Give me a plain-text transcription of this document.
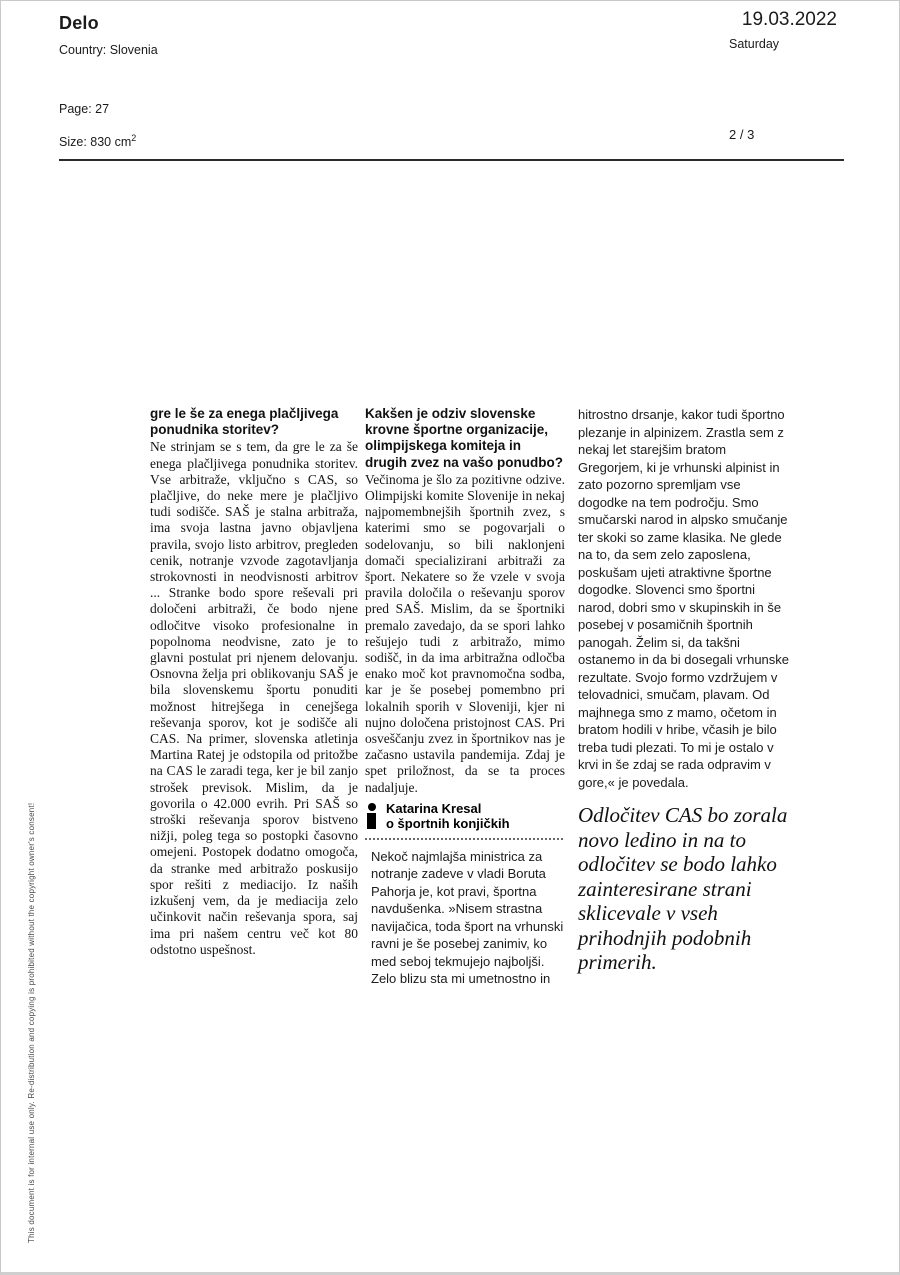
Delo
Country: Slovenia
19.03.2022
Saturday
Page: 27
Size: 830 $cm^2$	2 / 3
gre le še za enega plačljivega ponudnika storitev?

Ne strinjam se s tem, da gre le za še enega plačljivega ponudnika storitev. Vse arbitraže, vključno s CAS, so plačljive, do neke mere je plačljivo tudi sodišče. SAŠ je stalna arbitraža, ima svoja lastna javno objavljena pravila, svojo listo arbitrov, pregleden cenik, notranje vzvode zagotavljanja strokovnosti in neodvisnosti arbitrov ... Stranke bodo spore reševali pri določeni arbitraži, če bodo njene odločitve visoko profesionalne in popolnoma neodvisne, zato je to glavni postulat pri njenem delovanju. Osnovna želja pri oblikovanju SAŠ je bila slovenskemu športu ponuditi možnost hitrejšega in cenejšega reševanja sporov, kot je sodišče ali CAS. Na primer, slovenska atletinja Martina Ratej je odstopila od pritožbe na CAS le zaradi tega, ker je bil zanjo strošek previsok. Mislim, da je govorila o 42.000 evrih. Pri SAŠ so stroški reševanja sporov bistveno nižji, poleg tega so postopki časovno omejeni. Postopek dodatno omogoča, da stranke med arbitražo poskusijo spor rešiti z mediacijo. Iz naših izkušenj vem, da je mediacija zelo učinkovit način reševanja spora, saj ima pri našem centru več kot 80 odstotno uspešnost.

Kakšen je odziv slovenske krovne športne organizacije, olimpijskega komiteja in drugih zvez na vašo ponudbo?

Večinoma je šlo za pozitivne odzive. Olimpijski komite Slovenije in nekaj najpomembnejših športnih zvez, s katerimi smo se pogovarjali o sodelovanju, so bili naklonjeni domači specializirani arbitraži za šport. Nekatere so že vzele v svoja pravila določila o reševanju sporov pred SAŠ. Mislim, da se športniki premalo zavedajo, da se spori lahko rešujejo tudi z arbitražo, mimo sodišč, in da ima arbitražna odločba enako moč kot pravnomočna sodba, kar je še posebej pomembno pri lokalnih sporih v Sloveniji, kjer ni nujno določena pristojnost CAS. Pri osveščanju zvez in športnikov nas je začasno ustavila pandemija. Zdaj je spet priložnost, da se ta proces nadaljuje.

Katarina Kresal
o športnih konjičkih

Nekoč najmlajša ministrica za notranje zadeve v vladi Boruta Pahorja je, kot pravi, športna navdušenka. »Nisem strastna navijačica, toda šport na vrhunski ravni je še posebej zanimiv, ko med seboj tekmujejo najboljši. Zelo blizu sta mi umetnostno in

hitrostno drsanje, kakor tudi športno plezanje in alpinizem. Zrastla sem z nekaj let starejšim bratom Gregorjem, ki je vrhunski alpinist in zato pozorno spremljam vse dogodke na tem področju. Smo smučarski narod in alpsko smučanje ter skoki so zame klasika. Ne glede na to, da sem zelo zaposlena, poskušam ujeti atraktivne športne dogodke. Slovenci smo športni narod, dobri smo v skupinskih in še posebej v posamičnih športnih panogah. Želim si, da takšni ostanemo in da bi dosegali vrhunske rezultate. Svojo formo vzdržujem v telovadnici, smučam, plavam. Od majhnega smo z mamo, očetom in bratom hodili v hribe, včasih je bilo treba tudi plezati. To mi je ostalo v krvi in še zdaj se rada odpravim v gore,« je povedala.

Odločitev CAS bo zorala novo ledino in na to odločitev se bodo lahko zainteresirane strani sklicevale v vseh prihodnjih podobnih primerih.

This document is for internal use only. Re-distribution and copying is prohibited without the copyright owner's consent!
